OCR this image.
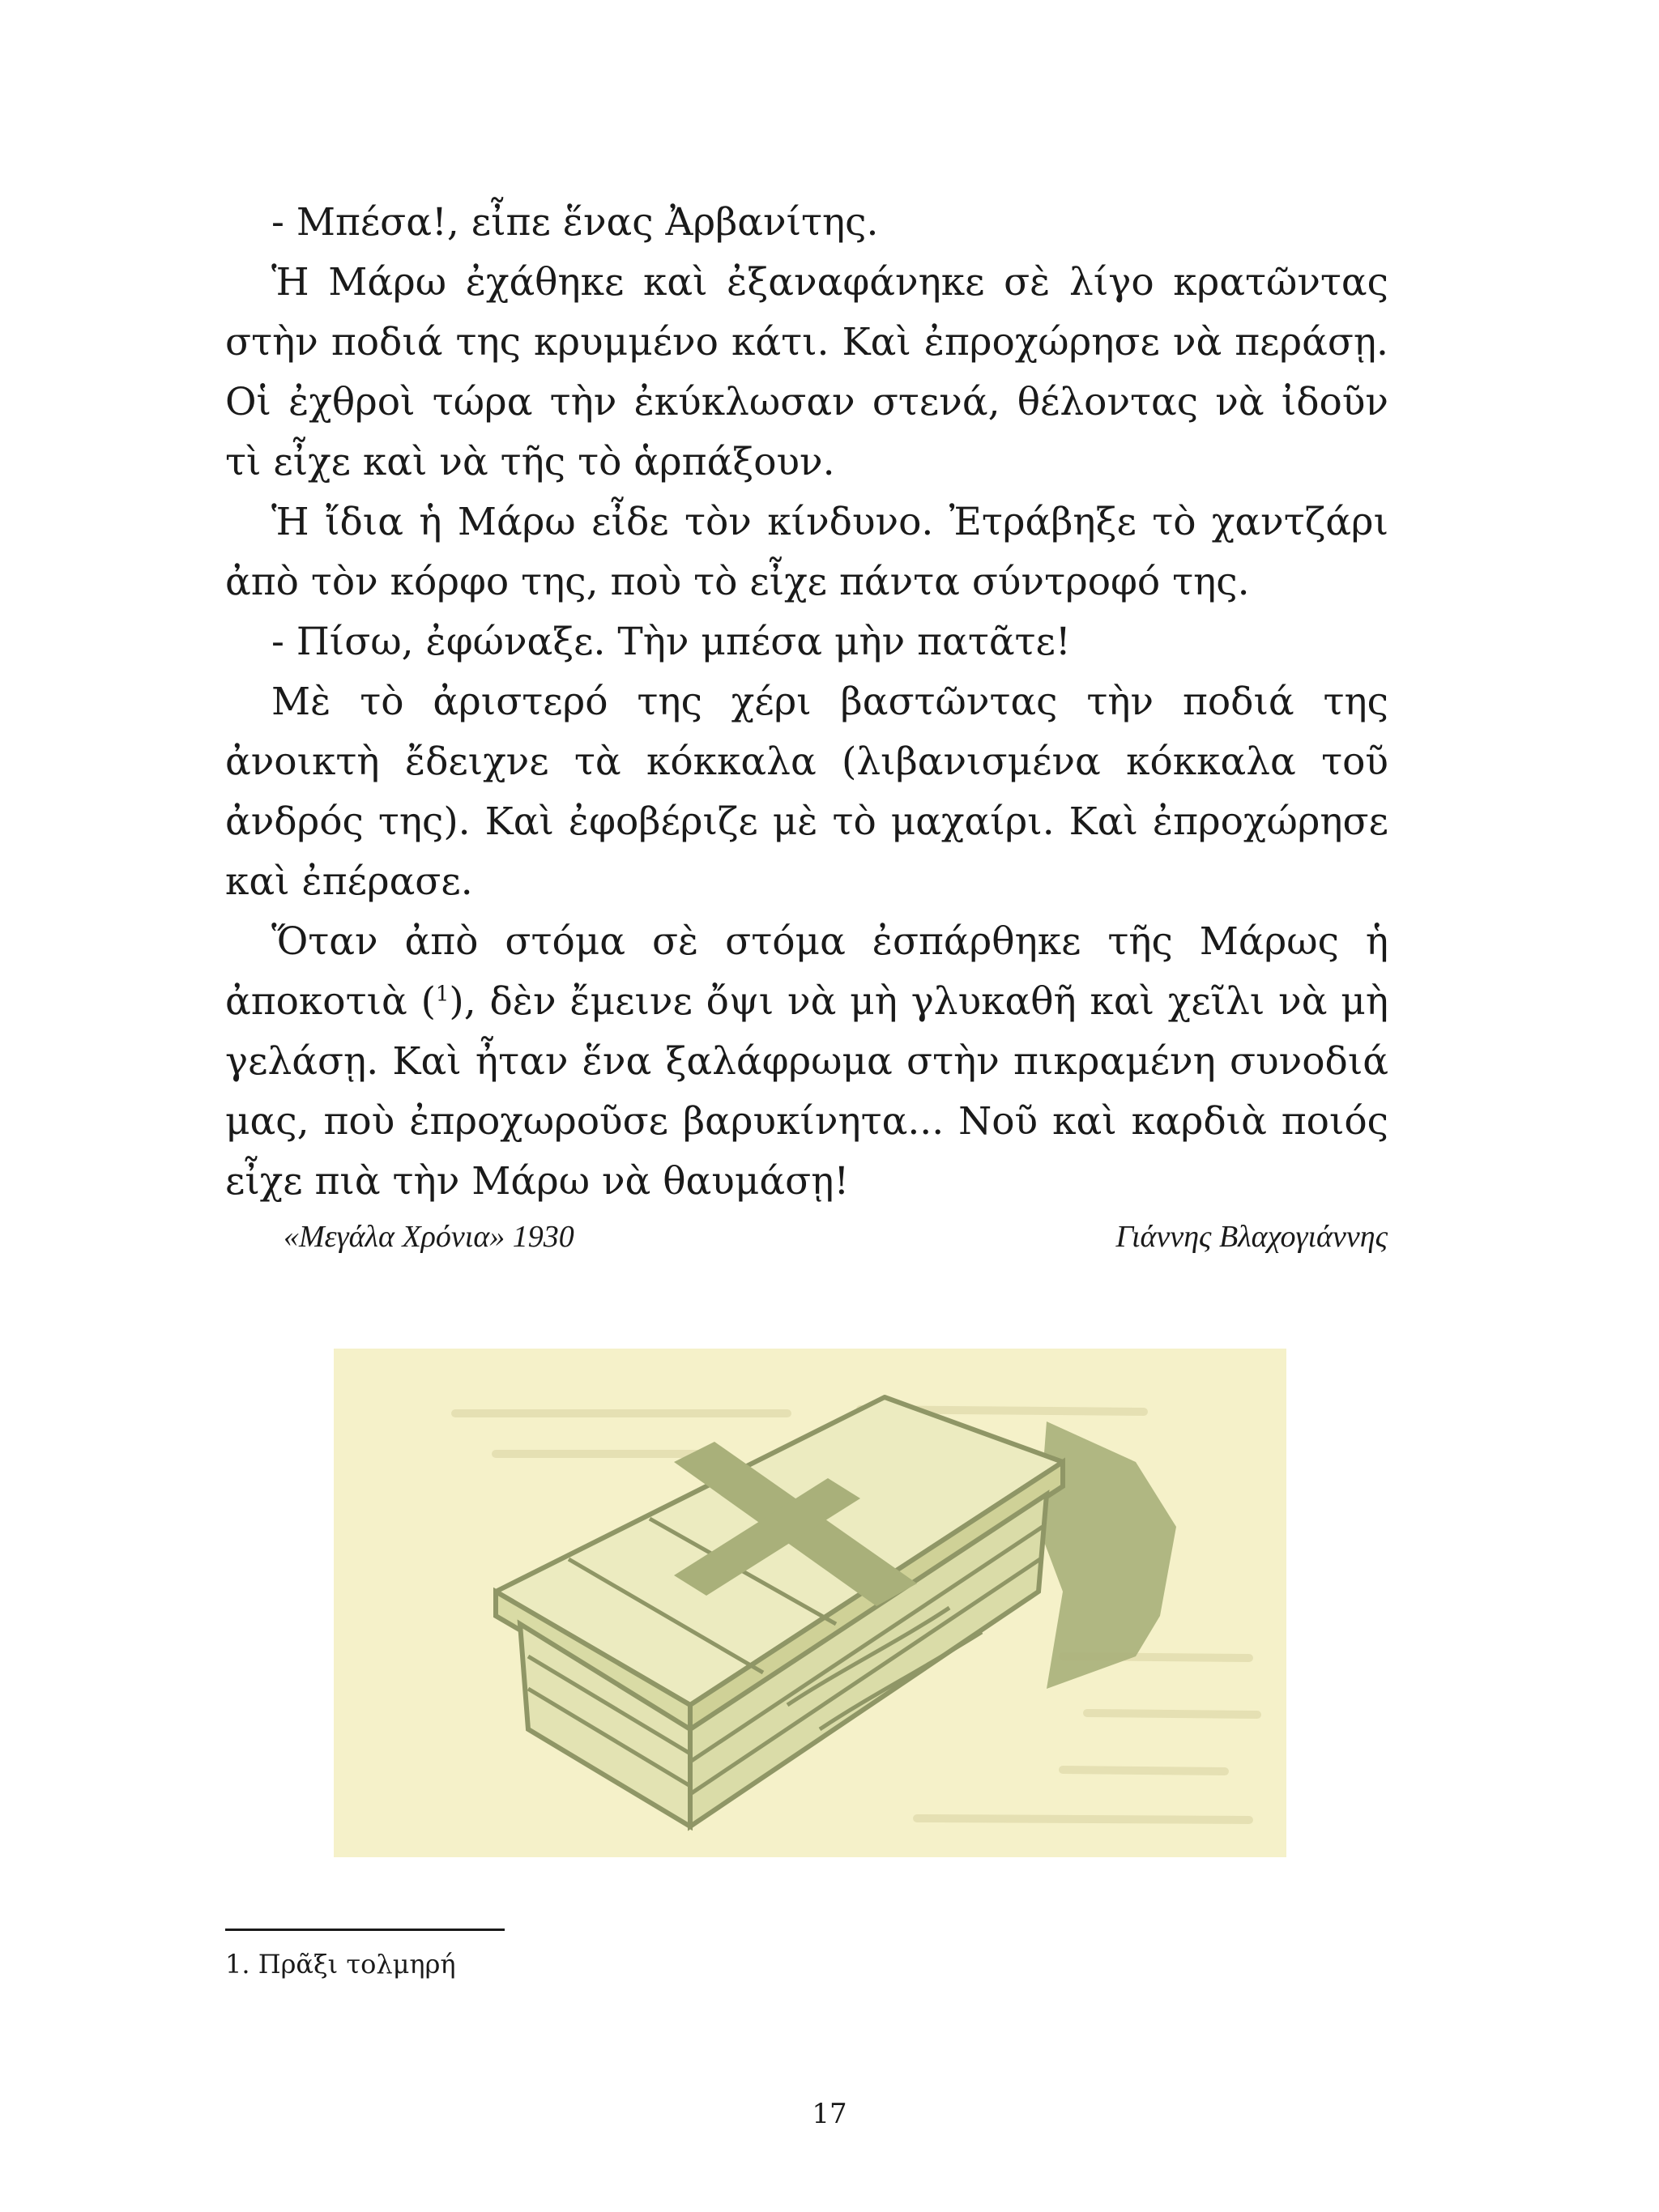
- Μπέσα!, εἶπε ἕνας Ἀρβανίτης.

Ἡ Μάρω ἐχάθηκε καὶ ἐξαναφάνηκε σὲ λίγο κρατῶντας στὴν ποδιά της κρυμμένο κάτι. Καὶ ἐπροχώρησε νὰ περάσῃ. Οἱ ἐχθροὶ τώρα τὴν ἐκύκλωσαν στενά, θέλοντας νὰ ἰδοῦν τὶ εἶχε καὶ νὰ τῆς τὸ ἁρπάξουν.

Ἡ ἴδια ἡ Μάρω εἶδε τὸν κίνδυνο. Ἐτράβηξε τὸ χαντζάρι ἀπὸ τὸν κόρφο της, ποὺ τὸ εἶχε πάντα σύντροφό της.

- Πίσω, ἐφώναξε. Τὴν μπέσα μὴν πατᾶτε!

Μὲ τὸ ἀριστερό της χέρι βαστῶντας τὴν ποδιά της ἀνοικτὴ ἔδειχνε τὰ κόκκαλα (λιβανισμένα κόκκαλα τοῦ ἀνδρός της). Καὶ ἐφοβέριζε μὲ τὸ μαχαίρι. Καὶ ἐπροχώρησε καὶ ἐπέρασε.

Ὅταν ἀπὸ στόμα σὲ στόμα ἐσπάρθηκε τῆς Μάρως ἡ ἀποκοτιὰ ($^1$), δὲν ἔμεινε ὄψι νὰ μὴ γλυκαθῆ καὶ χεῖλι νὰ μὴ γελάσῃ. Καὶ ἦταν ἕνα ξαλάφρωμα στὴν πικραμένη συνοδιά μας, ποὺ ἐπροχωροῦσε βαρυκίνητα... Νοῦ καὶ καρδιὰ ποιός εἶχε πιὰ τὴν Μάρω νὰ θαυμάσῃ!

«Μεγάλα Χρόνια» 1930	Γιάννης Βλαχογιάννης
1. Πρᾶξι τολμηρή
17
